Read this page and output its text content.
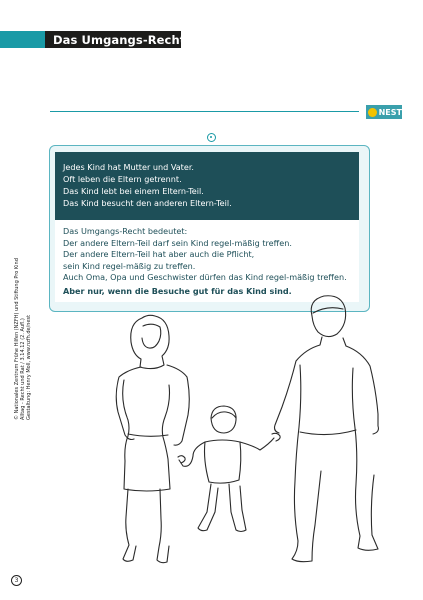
Das Umgangs-Recht
NEST
Jedes Kind hat Mutter und Vater.
Oft leben die Eltern getrennt.
Das Kind lebt bei einem Eltern-Teil.
Das Kind besucht den anderen Eltern-Teil.
Das Umgangs-Recht bedeutet:
Der andere Eltern-Teil darf sein Kind regel-mäßig treffen.
Der andere Eltern-Teil hat aber auch die Pflicht,
sein Kind regel-mäßig zu treffen.
Auch Oma, Opa und Geschwister dürfen das Kind regel-mäßig treffen.
Aber nur, wenn die Besuche gut für das Kind sind.
© Nationales Zentrum Frühe Hilfen (NZFH) und Stiftung Pro Kind Alltag - Recht und Rat / 3.14.12 (2. Aufl.) Gestaltung: Henry Moll, www.nzfh.de/nest
3
